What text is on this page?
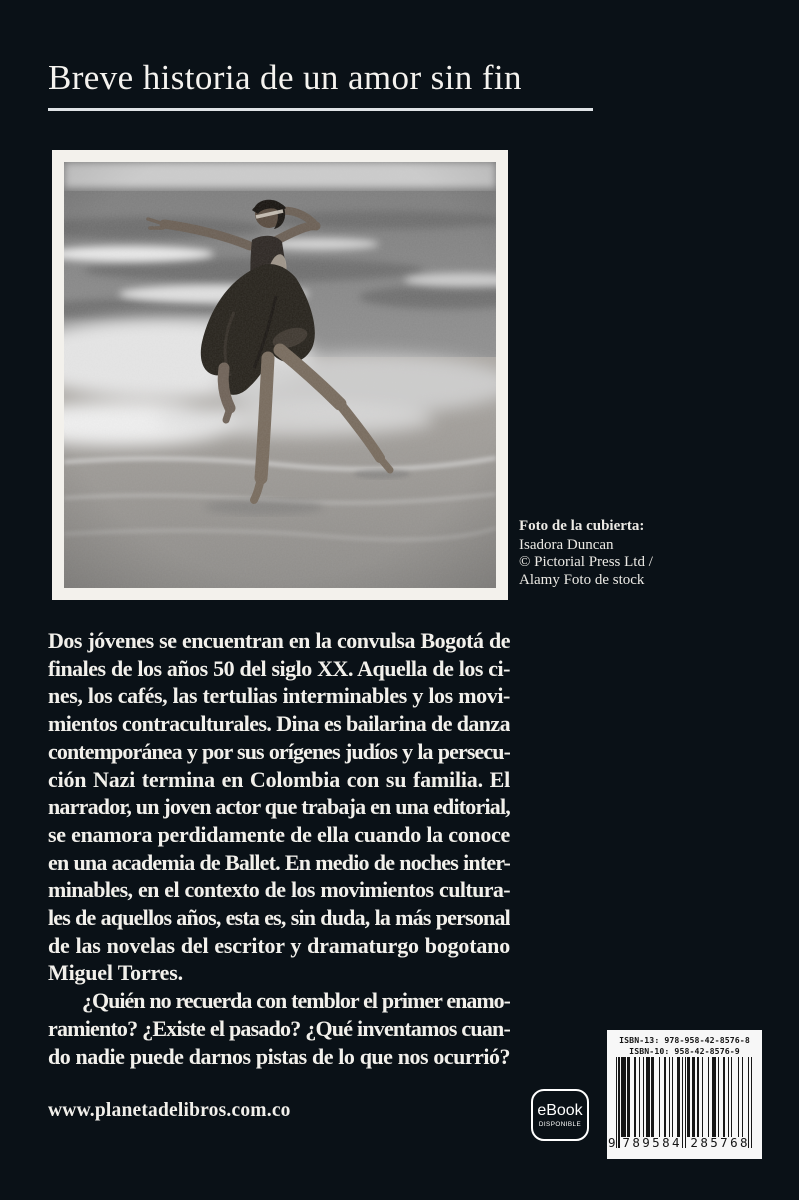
Breve historia de un amor sin fin
Foto de la cubierta:
Isadora Duncan
© Pictorial Press Ltd /
Alamy Foto de stock
Dos jóvenes se encuentran en la convulsa Bogotá de
finales de los años 50 del siglo XX. Aquella de los ci-
nes, los cafés, las tertulias interminables y los movi-
mientos contraculturales. Dina es bailarina de danza
contemporánea y por sus orígenes judíos y la persecu-
ción Nazi termina en Colombia con su familia. El
narrador, un joven actor que trabaja en una editorial,
se enamora perdidamente de ella cuando la conoce
en una academia de Ballet. En medio de noches inter-
minables, en el contexto de los movimientos cultura-
les de aquellos años, esta es, sin duda, la más personal
de las novelas del escritor y dramaturgo bogotano
Miguel Torres.
¿Quién no recuerda con temblor el primer enamo-
ramiento? ¿Existe el pasado? ¿Qué inventamos cuan-
do nadie puede darnos pistas de lo que nos ocurrió?
www.planetadelibros.com.co	eBook
DISPONIBLE
ISBN-13: 978-958-42-8576-8
ISBN-10: 958-42-8576-9
9 789584 285768
